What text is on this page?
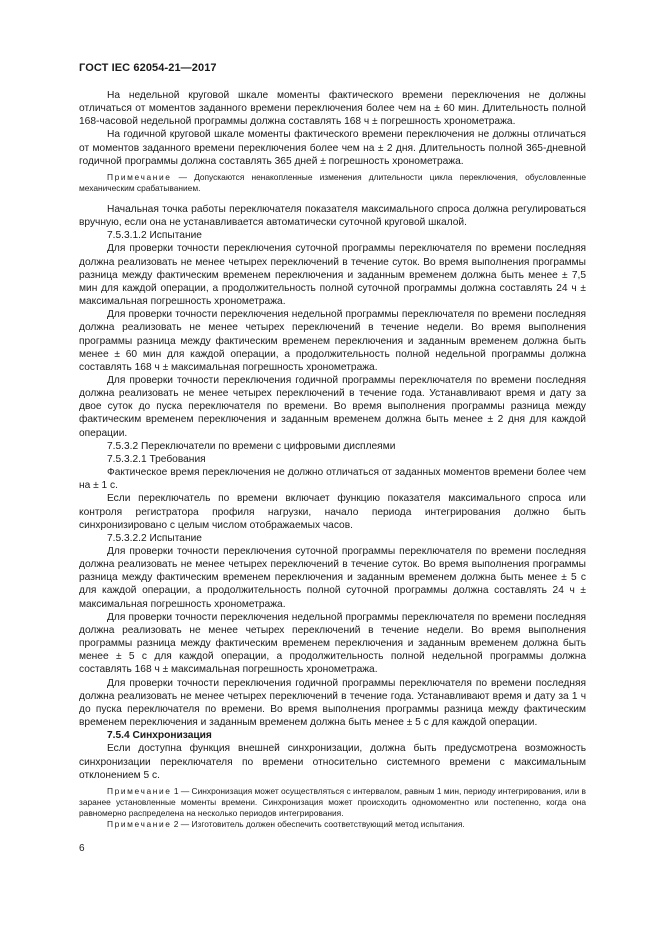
ГОСТ IEC 62054-21—2017

На недельной круговой шкале моменты фактического времени переключения не должны отличаться от моментов заданного времени переключения более чем на ± 60 мин. Длительность полной 168-часовой недельной программы должна составлять 168 ч ± погрешность хронометража.

На годичной круговой шкале моменты фактического времени переключения не должны отличаться от моментов заданного времени переключения более чем на ± 2 дня. Длительность полной 365-дневной годичной программы должна составлять 365 дней ± погрешность хронометража.

Примечание — Допускаются ненакопленные изменения длительности цикла переключения, обусловленные механическим срабатыванием.

Начальная точка работы переключателя показателя максимального спроса должна регулироваться вручную, если она не устанавливается автоматически суточной круговой шкалой.

7.5.3.1.2 Испытание

Для проверки точности переключения суточной программы переключателя по времени последняя должна реализовать не менее четырех переключений в течение суток. Во время выполнения программы разница между фактическим временем переключения и заданным временем должна быть менее ± 7,5 мин для каждой операции, а продолжительность полной суточной программы должна составлять 24 ч ± максимальная погрешность хронометража.

Для проверки точности переключения недельной программы переключателя по времени последняя должна реализовать не менее четырех переключений в течение недели. Во время выполнения программы разница между фактическим временем переключения и заданным временем должна быть менее ± 60 мин для каждой операции, а продолжительность полной недельной программы должна составлять 168 ч ± максимальная погрешность хронометража.

Для проверки точности переключения годичной программы переключателя по времени последняя должна реализовать не менее четырех переключений в течение года. Устанавливают время и дату за двое суток до пуска переключателя по времени. Во время выполнения программы разница между фактическим временем переключения и заданным временем должна быть менее ± 2 дня для каждой операции.

7.5.3.2 Переключатели по времени с цифровыми дисплеями

7.5.3.2.1 Требования

Фактическое время переключения не должно отличаться от заданных моментов времени более чем на ± 1 с.

Если переключатель по времени включает функцию показателя максимального спроса или контроля регистратора профиля нагрузки, начало периода интегрирования должно быть синхронизировано с целым числом отображаемых часов.

7.5.3.2.2 Испытание

Для проверки точности переключения суточной программы переключателя по времени последняя должна реализовать не менее четырех переключений в течение суток. Во время выполнения программы разница между фактическим временем переключения и заданным временем должна быть менее ± 5 с для каждой операции, а продолжительность полной суточной программы должна составлять 24 ч ± максимальная погрешность хронометража.

Для проверки точности переключения недельной программы переключателя по времени последняя должна реализовать не менее четырех переключений в течение недели. Во время выполнения программы разница между фактическим временем переключения и заданным временем должна быть менее ± 5 с для каждой операции, а продолжительность полной недельной программы должна составлять 168 ч ± максимальная погрешность хронометража.

Для проверки точности переключения годичной программы переключателя по времени последняя должна реализовать не менее четырех переключений в течение года. Устанавливают время и дату за 1 ч до пуска переключателя по времени. Во время выполнения программы разница между фактическим временем переключения и заданным временем должна быть менее ± 5 с для каждой операции.

7.5.4 Синхронизация

Если доступна функция внешней синхронизации, должна быть предусмотрена возможность синхронизации переключателя по времени относительно системного времени с максимальным отклонением 5 с.

Примечание 1 — Синхронизация может осуществляться с интервалом, равным 1 мин, периоду интегрирования, или в заранее установленные моменты времени. Синхронизация может происходить одномоментно или постепенно, когда она равномерно распределена на несколько периодов интегрирования.

Примечание 2 — Изготовитель должен обеспечить соответствующий метод испытания.

6
